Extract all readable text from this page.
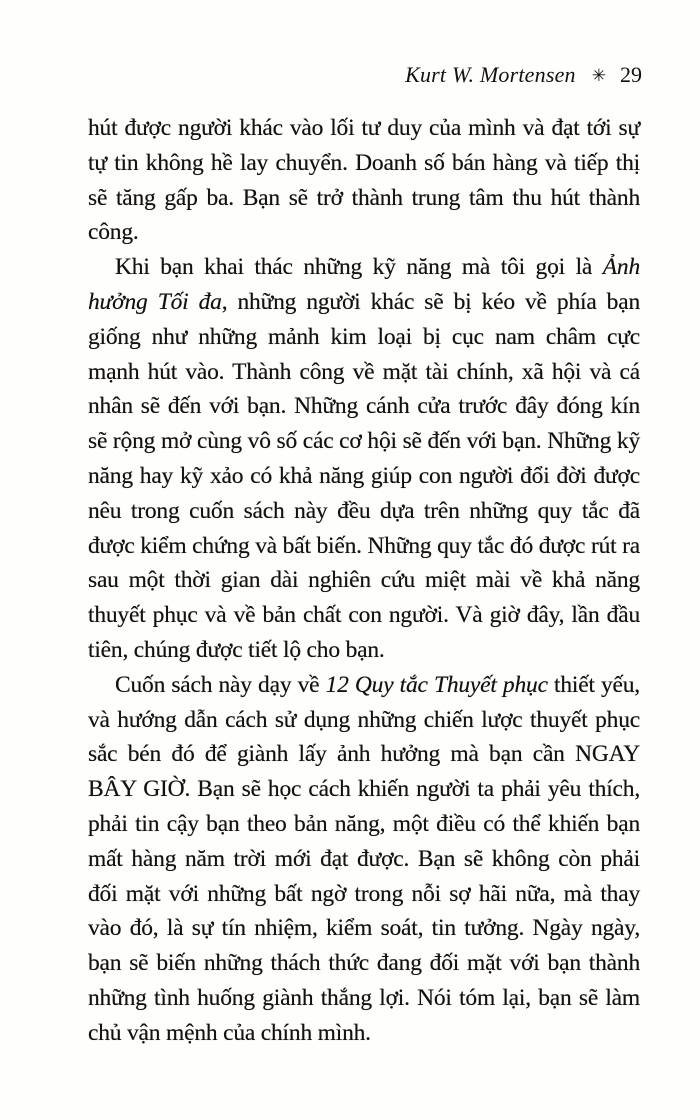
Kurt W. Mortensen ✳ 29

hút được người khác vào lối tư duy của mình và đạt tới sự tự tin không hề lay chuyển. Doanh số bán hàng và tiếp thị sẽ tăng gấp ba. Bạn sẽ trở thành trung tâm thu hút thành công.

Khi bạn khai thác những kỹ năng mà tôi gọi là Ảnh hưởng Tối đa, những người khác sẽ bị kéo về phía bạn giống như những mảnh kim loại bị cục nam châm cực mạnh hút vào. Thành công về mặt tài chính, xã hội và cá nhân sẽ đến với bạn. Những cánh cửa trước đây đóng kín sẽ rộng mở cùng vô số các cơ hội sẽ đến với bạn. Những kỹ năng hay kỹ xảo có khả năng giúp con người đổi đời được nêu trong cuốn sách này đều dựa trên những quy tắc đã được kiểm chứng và bất biến. Những quy tắc đó được rút ra sau một thời gian dài nghiên cứu miệt mài về khả năng thuyết phục và về bản chất con người. Và giờ đây, lần đầu tiên, chúng được tiết lộ cho bạn.

Cuốn sách này dạy về 12 Quy tắc Thuyết phục thiết yếu, và hướng dẫn cách sử dụng những chiến lược thuyết phục sắc bén đó để giành lấy ảnh hưởng mà bạn cần NGAY BÂY GIỜ. Bạn sẽ học cách khiến người ta phải yêu thích, phải tin cậy bạn theo bản năng, một điều có thể khiến bạn mất hàng năm trời mới đạt được. Bạn sẽ không còn phải đối mặt với những bất ngờ trong nỗi sợ hãi nữa, mà thay vào đó, là sự tín nhiệm, kiểm soát, tin tưởng. Ngày ngày, bạn sẽ biến những thách thức đang đối mặt với bạn thành những tình huống giành thắng lợi. Nói tóm lại, bạn sẽ làm chủ vận mệnh của chính mình.
